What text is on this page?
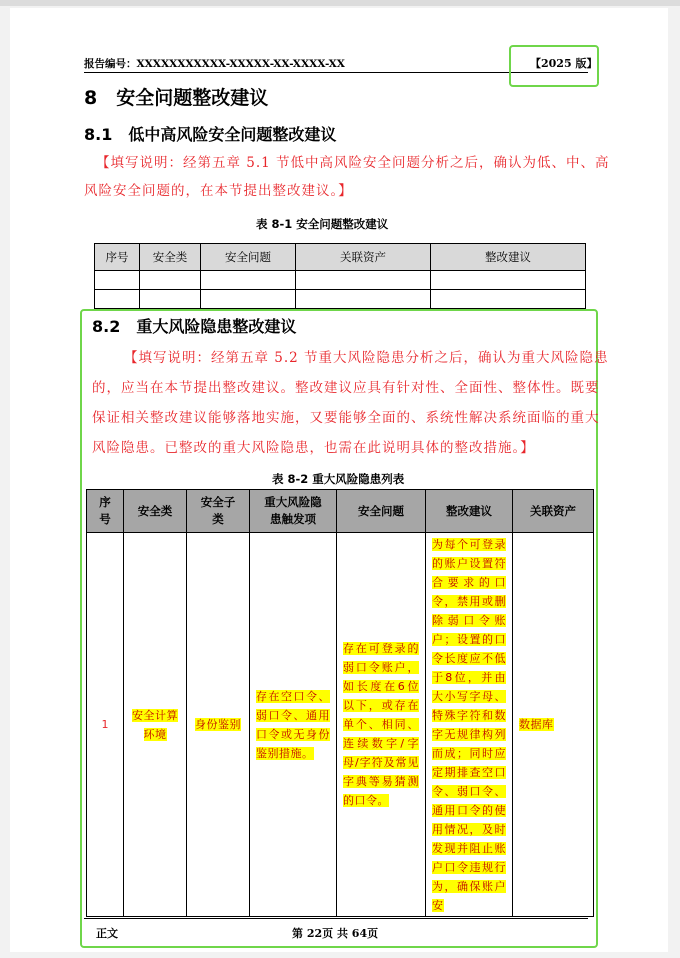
报告编号：XXXXXXXXXXX-XXXXX-XX-XXXX-XX	【2025 版】
8　安全问题整改建议
8.1　低中高风险安全问题整改建议
【填写说明：经第五章 5.1 节低中高风险安全问题分析之后，确认为低、中、高
风险安全问题的，在本节提出整改建议。】
表 8-1 安全问题整改建议
序号	安全类	安全问题	关联资产	整改建议

8.2　重大风险隐患整改建议
【填写说明：经第五章 5.2 节重大风险隐患分析之后，确认为重大风险隐患
的，应当在本节提出整改建议。整改建议应具有针对性、全面性、整体性。既要
保证相关整改建议能够落地实施，又要能够全面的、系统性解决系统面临的重大
风险隐患。已整改的重大风险隐患，也需在此说明具体的整改措施。】
表 8-2 重大风险隐患列表
序号	安全类	安全子类	重大风险隐患触发项	安全问题	整改建议	关联资产
1	安全计算环境	身份鉴别	存在空口令、弱口令、通用口令或无身份鉴别措施。	存在可登录的弱口令账户，如长度在6位以下，或存在单个、相同、连续数字/字母/字符及常见字典等易猜测的口令。	为每个可登录的账户设置符合要求的口令，禁用或删除弱口令账户；设置的口令长度应不低于8位，并由大小写字母、特殊字符和数字无规律构列而成；同时应定期排查空口令、弱口令、通用口令的使用情况，及时发现并阻止账户口令违规行为，确保账户安	数据库
正文	第 22页 共 64页
